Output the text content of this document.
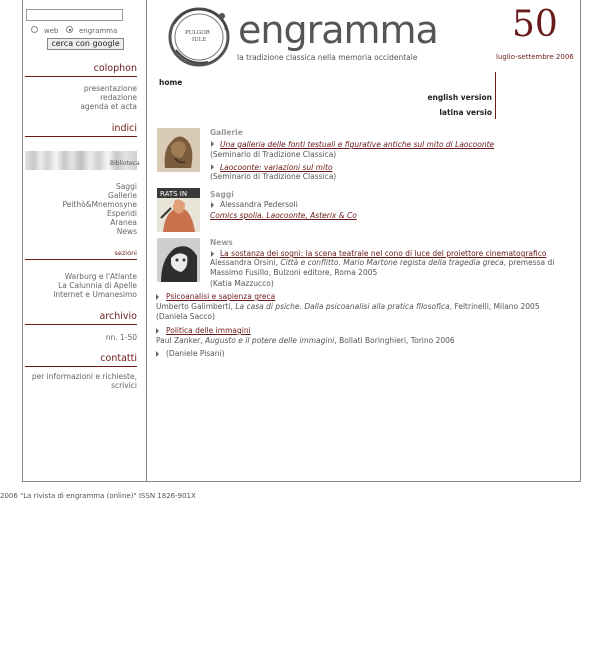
web	engramma
cerca con google
colophon
presentazione
redazione
agenda et acta
indici
Biblioteca
Saggi
Gallerie
Peithò&Mnemosyne
Esperidi
Aranea
News
sezioni
Warburg e l'Atlante
La Calunnia di Apelle
Internet e Umanesimo
archivio
nn. 1-50
contatti
per informazioni e richieste,
scrivici
PULGOR
IULE engramma
la tradizione classica nella memoria occidentale
50
luglio-settembre 2006
home
english version
latina versio
RATS IN
Gallerie
Una galleria delle fonti testuali e figurative antiche sul mito di Laocoonte
(Seminario di Tradizione Classica)
Laocoonte: variazioni sul mito
(Seminario di Tradizione Classica)
Saggi
Alessandra Pedersoli
Comics spolia. Laocoonte, Asterix & Co
News
La sostanza dei sogni: la scena teatrale nel cono di luce del proiettore cinematografico
Alessandra Orsini, Città e conflitto. Mario Martone regista della tragedia greca, premessa di
Massimo Fusillo, Bulzoni editore, Roma 2005
(Katia Mazzucco)
Psicoanalisi e sapienza greca
Umberto Galimberti, La casa di psiche. Dalla psicoanalisi alla pratica filosofica, Feltrinelli, Milano 2005
(Daniela Sacco)
Politica delle immagini
Paul Zanker, Augusto e il potere delle immagini, Bollati Boringhieri, Torino 2006
(Daniele Pisani)
2006 "La rivista di engramma (online)" ISSN 1826-901X
